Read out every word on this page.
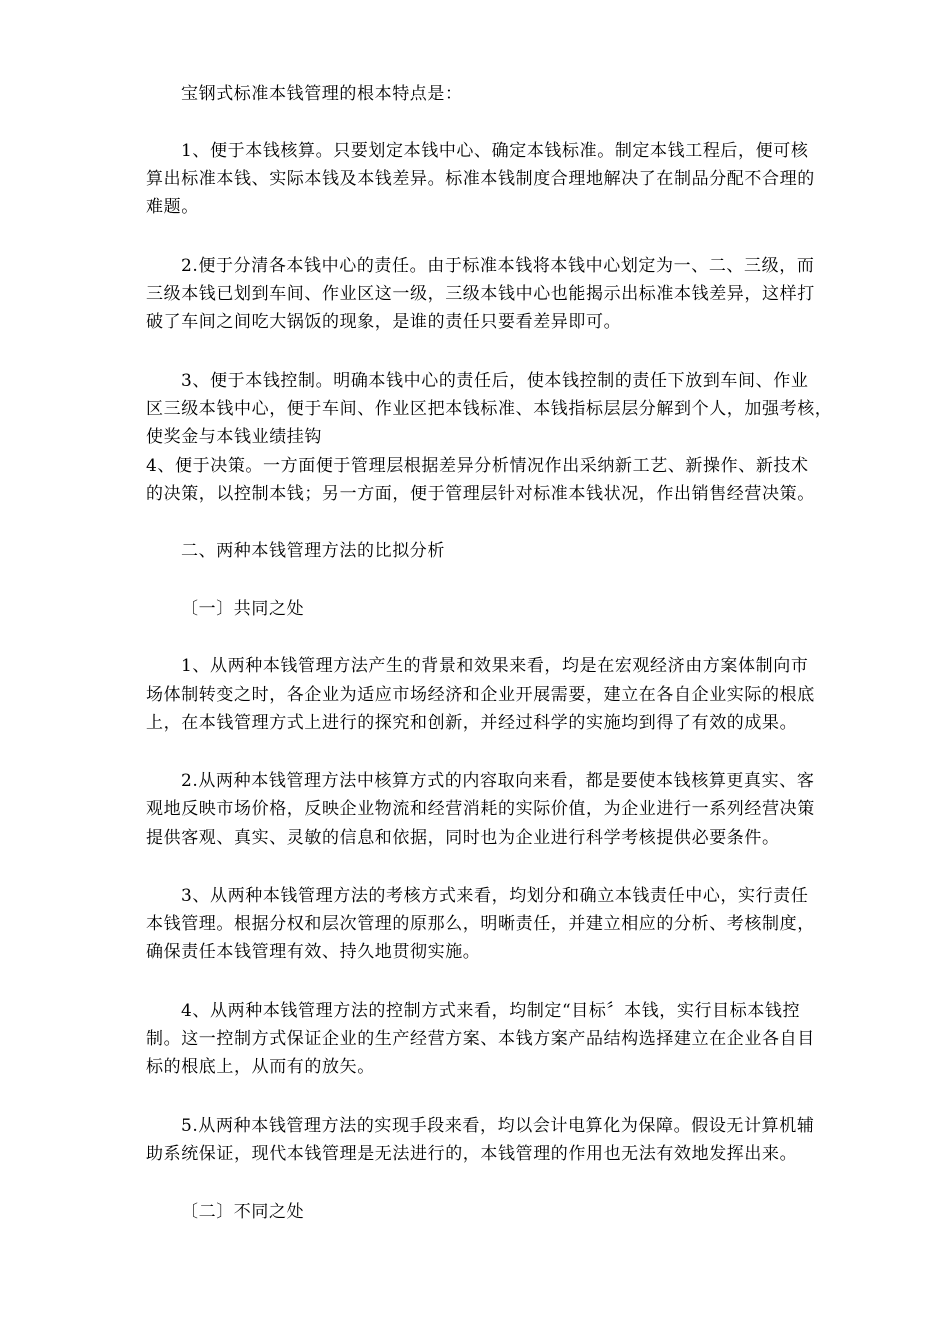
宝钢式标准本钱管理的根本特点是：
1、便于本钱核算。只要划定本钱中心、确定本钱标准。制定本钱工程后，便可核
算出标准本钱、实际本钱及本钱差异。标准本钱制度合理地解决了在制品分配不合理的
难题。
2.便于分清各本钱中心的责任。由于标准本钱将本钱中心划定为一、二、三级，而
三级本钱已划到车间、作业区这一级，三级本钱中心也能揭示出标准本钱差异，这样打
破了车间之间吃大锅饭的现象，是谁的责任只要看差异即可。
3、便于本钱控制。明确本钱中心的责任后，使本钱控制的责任下放到车间、作业
区三级本钱中心，便于车间、作业区把本钱标准、本钱指标层层分解到个人，加强考核，
使奖金与本钱业绩挂钩
4、便于决策。一方面便于管理层根据差异分析情况作出采纳新工艺、新操作、新技术
的决策，以控制本钱；另一方面，便于管理层针对标准本钱状况，作出销售经营决策。
二、两种本钱管理方法的比拟分析
〔一〕共同之处
1、从两种本钱管理方法产生的背景和效果来看，均是在宏观经济由方案体制向市
场体制转变之时，各企业为适应市场经济和企业开展需要，建立在各自企业实际的根底
上，在本钱管理方式上进行的探究和创新，并经过科学的实施均到得了有效的成果。
2.从两种本钱管理方法中核算方式的内容取向来看，都是要使本钱核算更真实、客
观地反映市场价格，反映企业物流和经营消耗的实际价值，为企业进行一系列经营决策
提供客观、真实、灵敏的信息和依据，同时也为企业进行科学考核提供必要条件。
3、从两种本钱管理方法的考核方式来看，均划分和确立本钱责任中心，实行责任
本钱管理。根据分权和层次管理的原那么，明晰责任，并建立相应的分析、考核制度，
确保责任本钱管理有效、持久地贯彻实施。
4、从两种本钱管理方法的控制方式来看，均制定“目标〞本钱，实行目标本钱控
制。这一控制方式保证企业的生产经营方案、本钱方案产品结构选择建立在企业各自目
标的根底上，从而有的放矢。
5.从两种本钱管理方法的实现手段来看，均以会计电算化为保障。假设无计算机辅
助系统保证，现代本钱管理是无法进行的，本钱管理的作用也无法有效地发挥出来。
〔二〕不同之处
